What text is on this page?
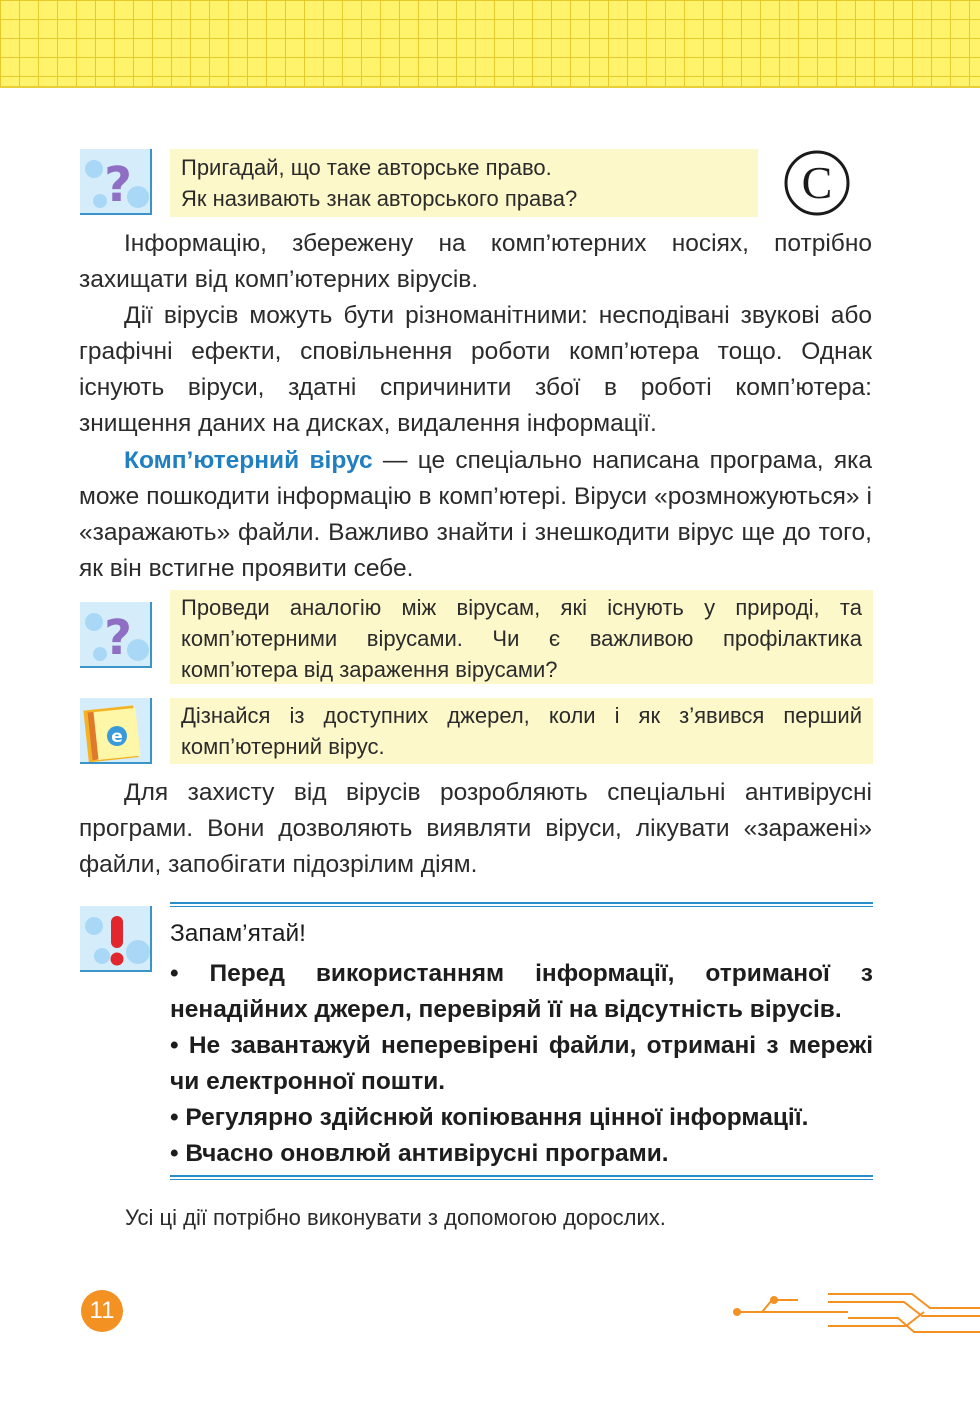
? Пригадай, що таке авторське право.

Як називають знак авторського права?	C

Інформацію, збережену на комп’ютерних носіях, потрібно захищати від комп’ютерних вірусів.

Дії вірусів можуть бути різноманітними: несподівані звукові або графічні ефекти, сповільнення роботи комп’ютера тощо. Однак існують віруси, здатні спричинити збої в роботі комп’ютера: знищення даних на дисках, видалення інформації.

Комп’ютерний вірус — це спеціально написана програма, яка може пошкодити інформацію в комп’ютері. Віруси «розмножуються» і «заражають» файли. Важливо знайти і знешкодити вірус ще до того, як він встигне проявити себе.

?

Проведи аналогію між вірусам, які існують у природі, та комп’ютерними вірусами. Чи є важливою профілактика комп’ютера від зараження вірусами?

e

Дізнайся із доступних джерел, коли і як з’явився перший комп’ютерний вірус.

Для захисту від вірусів розробляють спеціальні антивірусні програми. Вони дозволяють виявляти віруси, лікувати «заражені» файли, запобігати підозрілим діям.

Запам’ятай!
• Перед використанням інформації, отриманої з ненадійних джерел, перевіряй її на відсутність вірусів.
• Не завантажуй неперевірені файли, отримані з мережі чи електронної пошти.
• Регулярно здійснюй копіювання цінної інформації.
• Вчасно оновлюй антивірусні програми.
Усі ці дії потрібно виконувати з допомогою дорослих.
11
